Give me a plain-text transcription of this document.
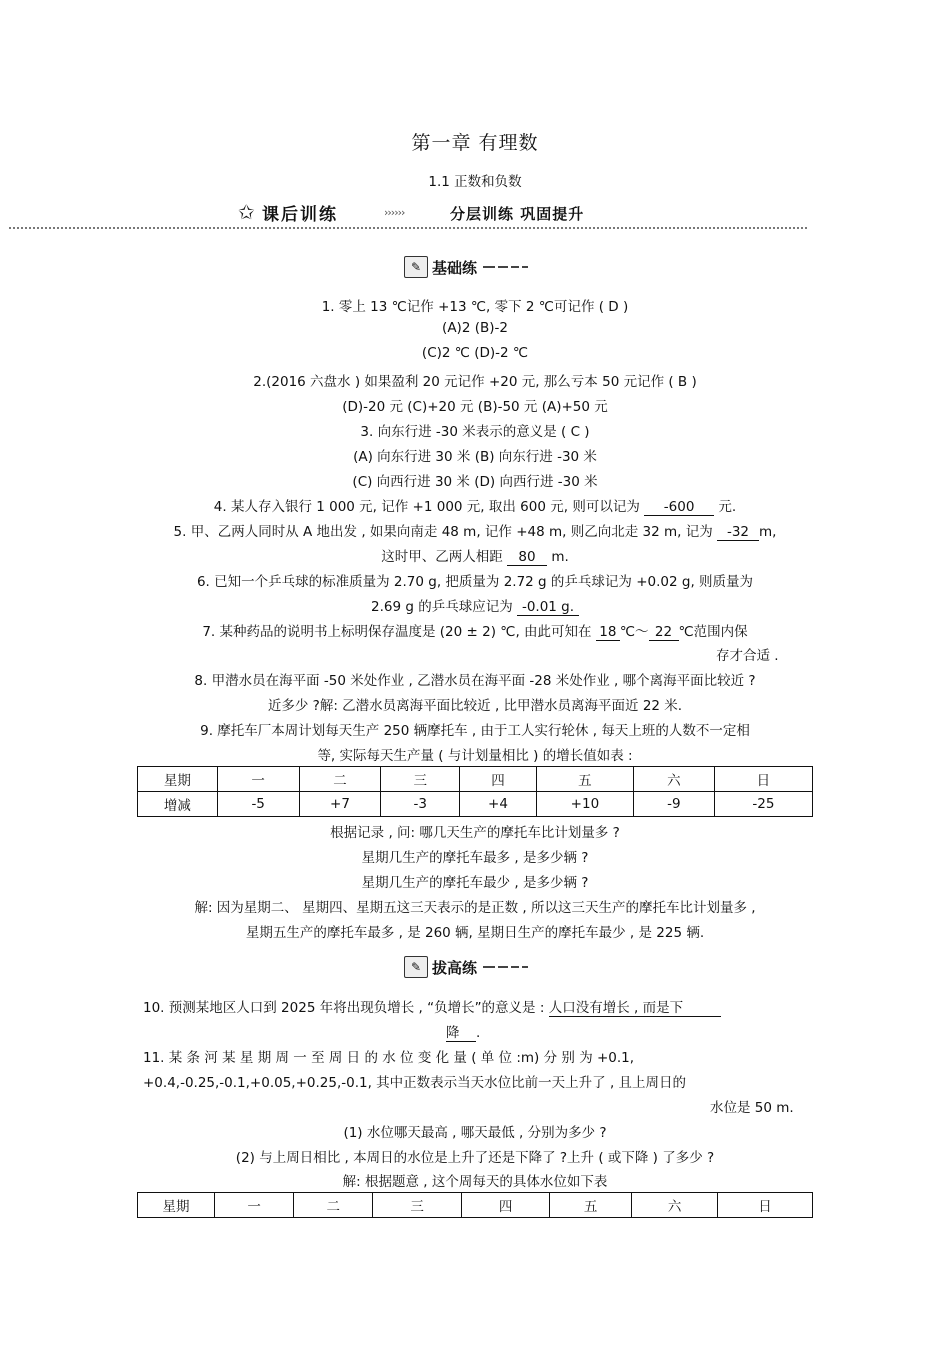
第一章 有理数
1.1 正数和负数
✩ 课后训练	››››››	分层训练 巩固提升
✎ 基础练
1. 零上 13 ℃记作 +13 ℃, 零下 2 ℃可记作 ( D )
(A)2 (B)-2
(C)2 ℃ (D)-2 ℃
2.(2016 六盘水 ) 如果盈利 20 元记作 +20 元, 那么亏本 50 元记作 ( B )
(D)-20 元 (C)+20 元 (B)-50 元 (A)+50 元
3. 向东行进 -30 米表示的意义是 ( C )
(A) 向东行进 30 米 (B) 向东行进 -30 米
(C) 向西行进 30 米 (D) 向西行进 -30 米
4. 某人存入银行 1 000 元, 记作 +1 000 元, 取出 600 元, 则可以记为 -600 元.
5. 甲、乙两人同时从 A 地出发 , 如果向南走 48 m, 记作 +48 m, 则乙向北走 32 m, 记为 -32 m,
这时甲、乙两人相距 80 m.
6. 已知一个乒乓球的标准质量为 2.70 g, 把质量为 2.72 g 的乒乓球记为 +0.02 g, 则质量为
2.69 g 的乒乓球应记为 -0.01 g.
7. 某种药品的说明书上标明保存温度是 (20 ± 2) ℃, 由此可知在 18 ℃～ 22 ℃范围内保
存才合适 .
8. 甲潜水员在海平面 -50 米处作业 , 乙潜水员在海平面 -28 米处作业 , 哪个离海平面比较近 ?
近多少 ?解: 乙潜水员离海平面比较近 , 比甲潜水员离海平面近 22 米.
9. 摩托车厂本周计划每天生产 250 辆摩托车 , 由于工人实行轮休 , 每天上班的人数不一定相
等, 实际每天生产量 ( 与计划量相比 ) 的增长值如表 :
星期	一	二	三	四	五	六	日
增减	-5	+7	-3	+4	+10	-9	-25
根据记录 , 问: 哪几天生产的摩托车比计划量多 ?
星期几生产的摩托车最多 , 是多少辆 ?
星期几生产的摩托车最少 , 是多少辆 ?
解: 因为星期二、 星期四、星期五这三天表示的是正数 , 所以这三天生产的摩托车比计划量多 ,
星期五生产的摩托车最多 , 是 260 辆, 星期日生产的摩托车最少 , 是 225 辆.
✎ 拔高练
10. 预测某地区人口到 2025 年将出现负增长 , “负增长”的意义是 : 人口没有增长 , 而是下
降 .
11. 某 条 河 某 星 期 周 一 至 周 日 的 水 位 变 化 量 ( 单 位 :m) 分 别 为 +0.1,
+0.4,-0.25,-0.1,+0.05,+0.25,-0.1, 其中正数表示当天水位比前一天上升了 , 且上周日的
水位是 50 m.
(1) 水位哪天最高 , 哪天最低 , 分别为多少 ?
(2) 与上周日相比 , 本周日的水位是上升了还是下降了 ?上升 ( 或下降 ) 了多少 ?
解: 根据题意 , 这个周每天的具体水位如下表
星期	一	二	三	四	五	六	日
